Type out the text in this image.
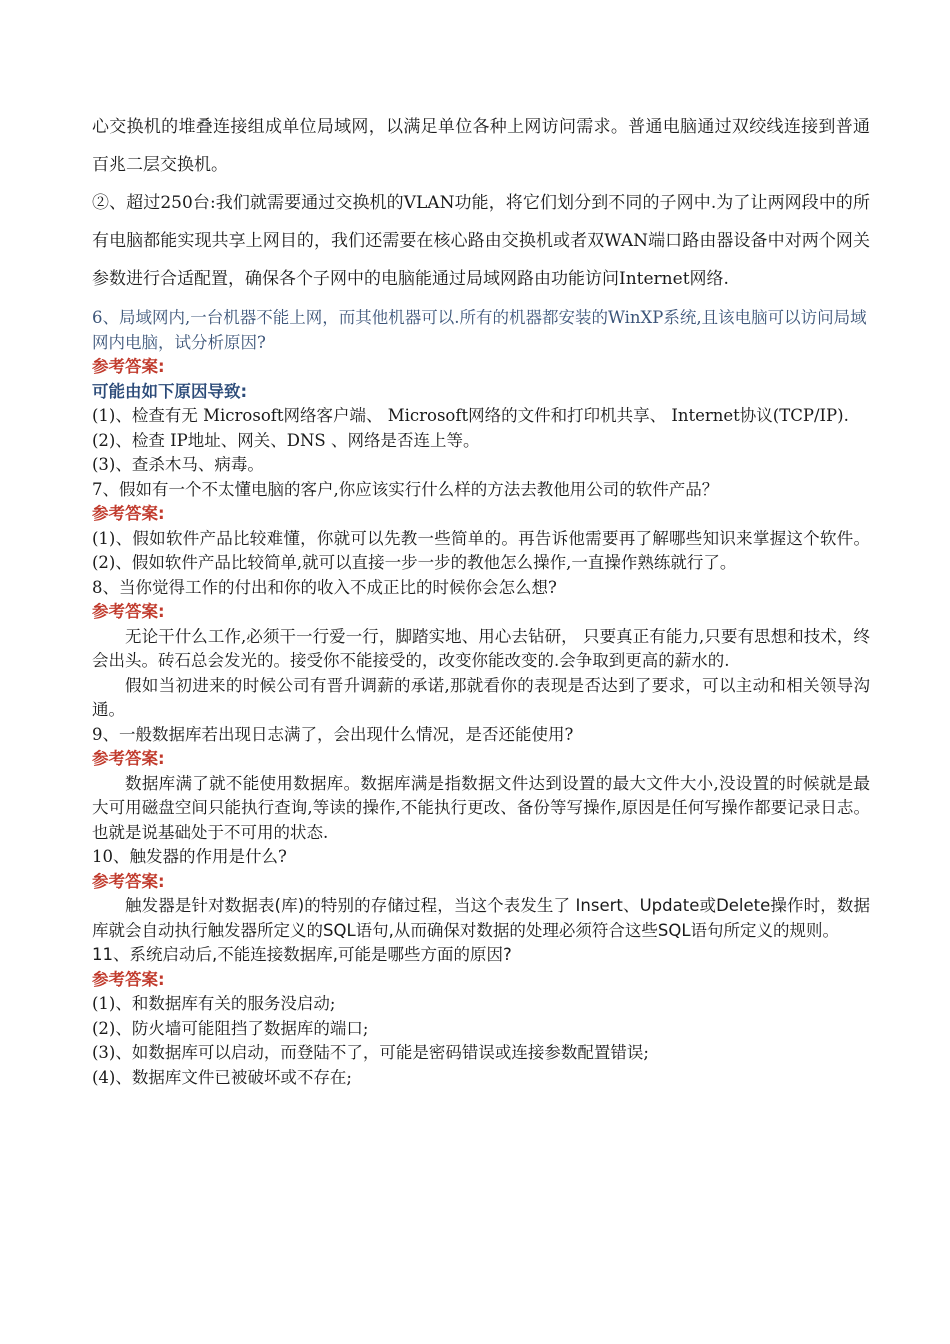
心交换机的堆叠连接组成单位局域网，以满足单位各种上网访问需求。普通电脑通过双绞线连接到普通百兆二层交换机。

②、超过250台:我们就需要通过交换机的VLAN功能，将它们划分到不同的子网中.为了让两网段中的所有电脑都能实现共享上网目的，我们还需要在核心路由交换机或者双WAN端口路由器设备中对两个网关参数进行合适配置，确保各个子网中的电脑能通过局域网路由功能访问Internet网络.

6、局域网内,一台机器不能上网，而其他机器可以.所有的机器都安装的WinXP系统,且该电脑可以访问局域网内电脑，试分析原因?

参考答案:

可能由如下原因导致:

(1)、检查有无 Microsoft网络客户端、 Microsoft网络的文件和打印机共享、 Internet协议(TCP/IP).

(2)、检查 IP地址、网关、DNS 、网络是否连上等。

(3)、查杀木马、病毒。

7、假如有一个不太懂电脑的客户,你应该实行什么样的方法去教他用公司的软件产品？

参考答案:

(1)、假如软件产品比较难懂，你就可以先教一些简单的。再告诉他需要再了解哪些知识来掌握这个软件。(2)、假如软件产品比较简单,就可以直接一步一步的教他怎么操作,一直操作熟练就行了。

8、当你觉得工作的付出和你的收入不成正比的时候你会怎么想?

参考答案:

无论干什么工作,必须干一行爱一行，脚踏实地、用心去钻研， 只要真正有能力,只要有思想和技术，终会出头。砖石总会发光的。接受你不能接受的，改变你能改变的.会争取到更高的薪水的.

假如当初进来的时候公司有晋升调薪的承诺,那就看你的表现是否达到了要求，可以主动和相关领导沟通。

9、一般数据库若出现日志满了，会出现什么情况，是否还能使用?

参考答案:

数据库满了就不能使用数据库。数据库满是指数据文件达到设置的最大文件大小,没设置的时候就是最大可用磁盘空间只能执行查询,等读的操作,不能执行更改、备份等写操作,原因是任何写操作都要记录日志。也就是说基础处于不可用的状态.

10、触发器的作用是什么?

参考答案:

触发器是针对数据表(库)的特别的存储过程，当这个表发生了 Insert、Update或Delete操作时，数据库就会自动执行触发器所定义的SQL语句,从而确保对数据的处理必须符合这些SQL语句所定义的规则。

11、系统启动后,不能连接数据库,可能是哪些方面的原因?

参考答案:

(1)、和数据库有关的服务没启动;

(2)、防火墙可能阻挡了数据库的端口;

(3)、如数据库可以启动，而登陆不了，可能是密码错误或连接参数配置错误;

(4)、数据库文件已被破坏或不存在;
